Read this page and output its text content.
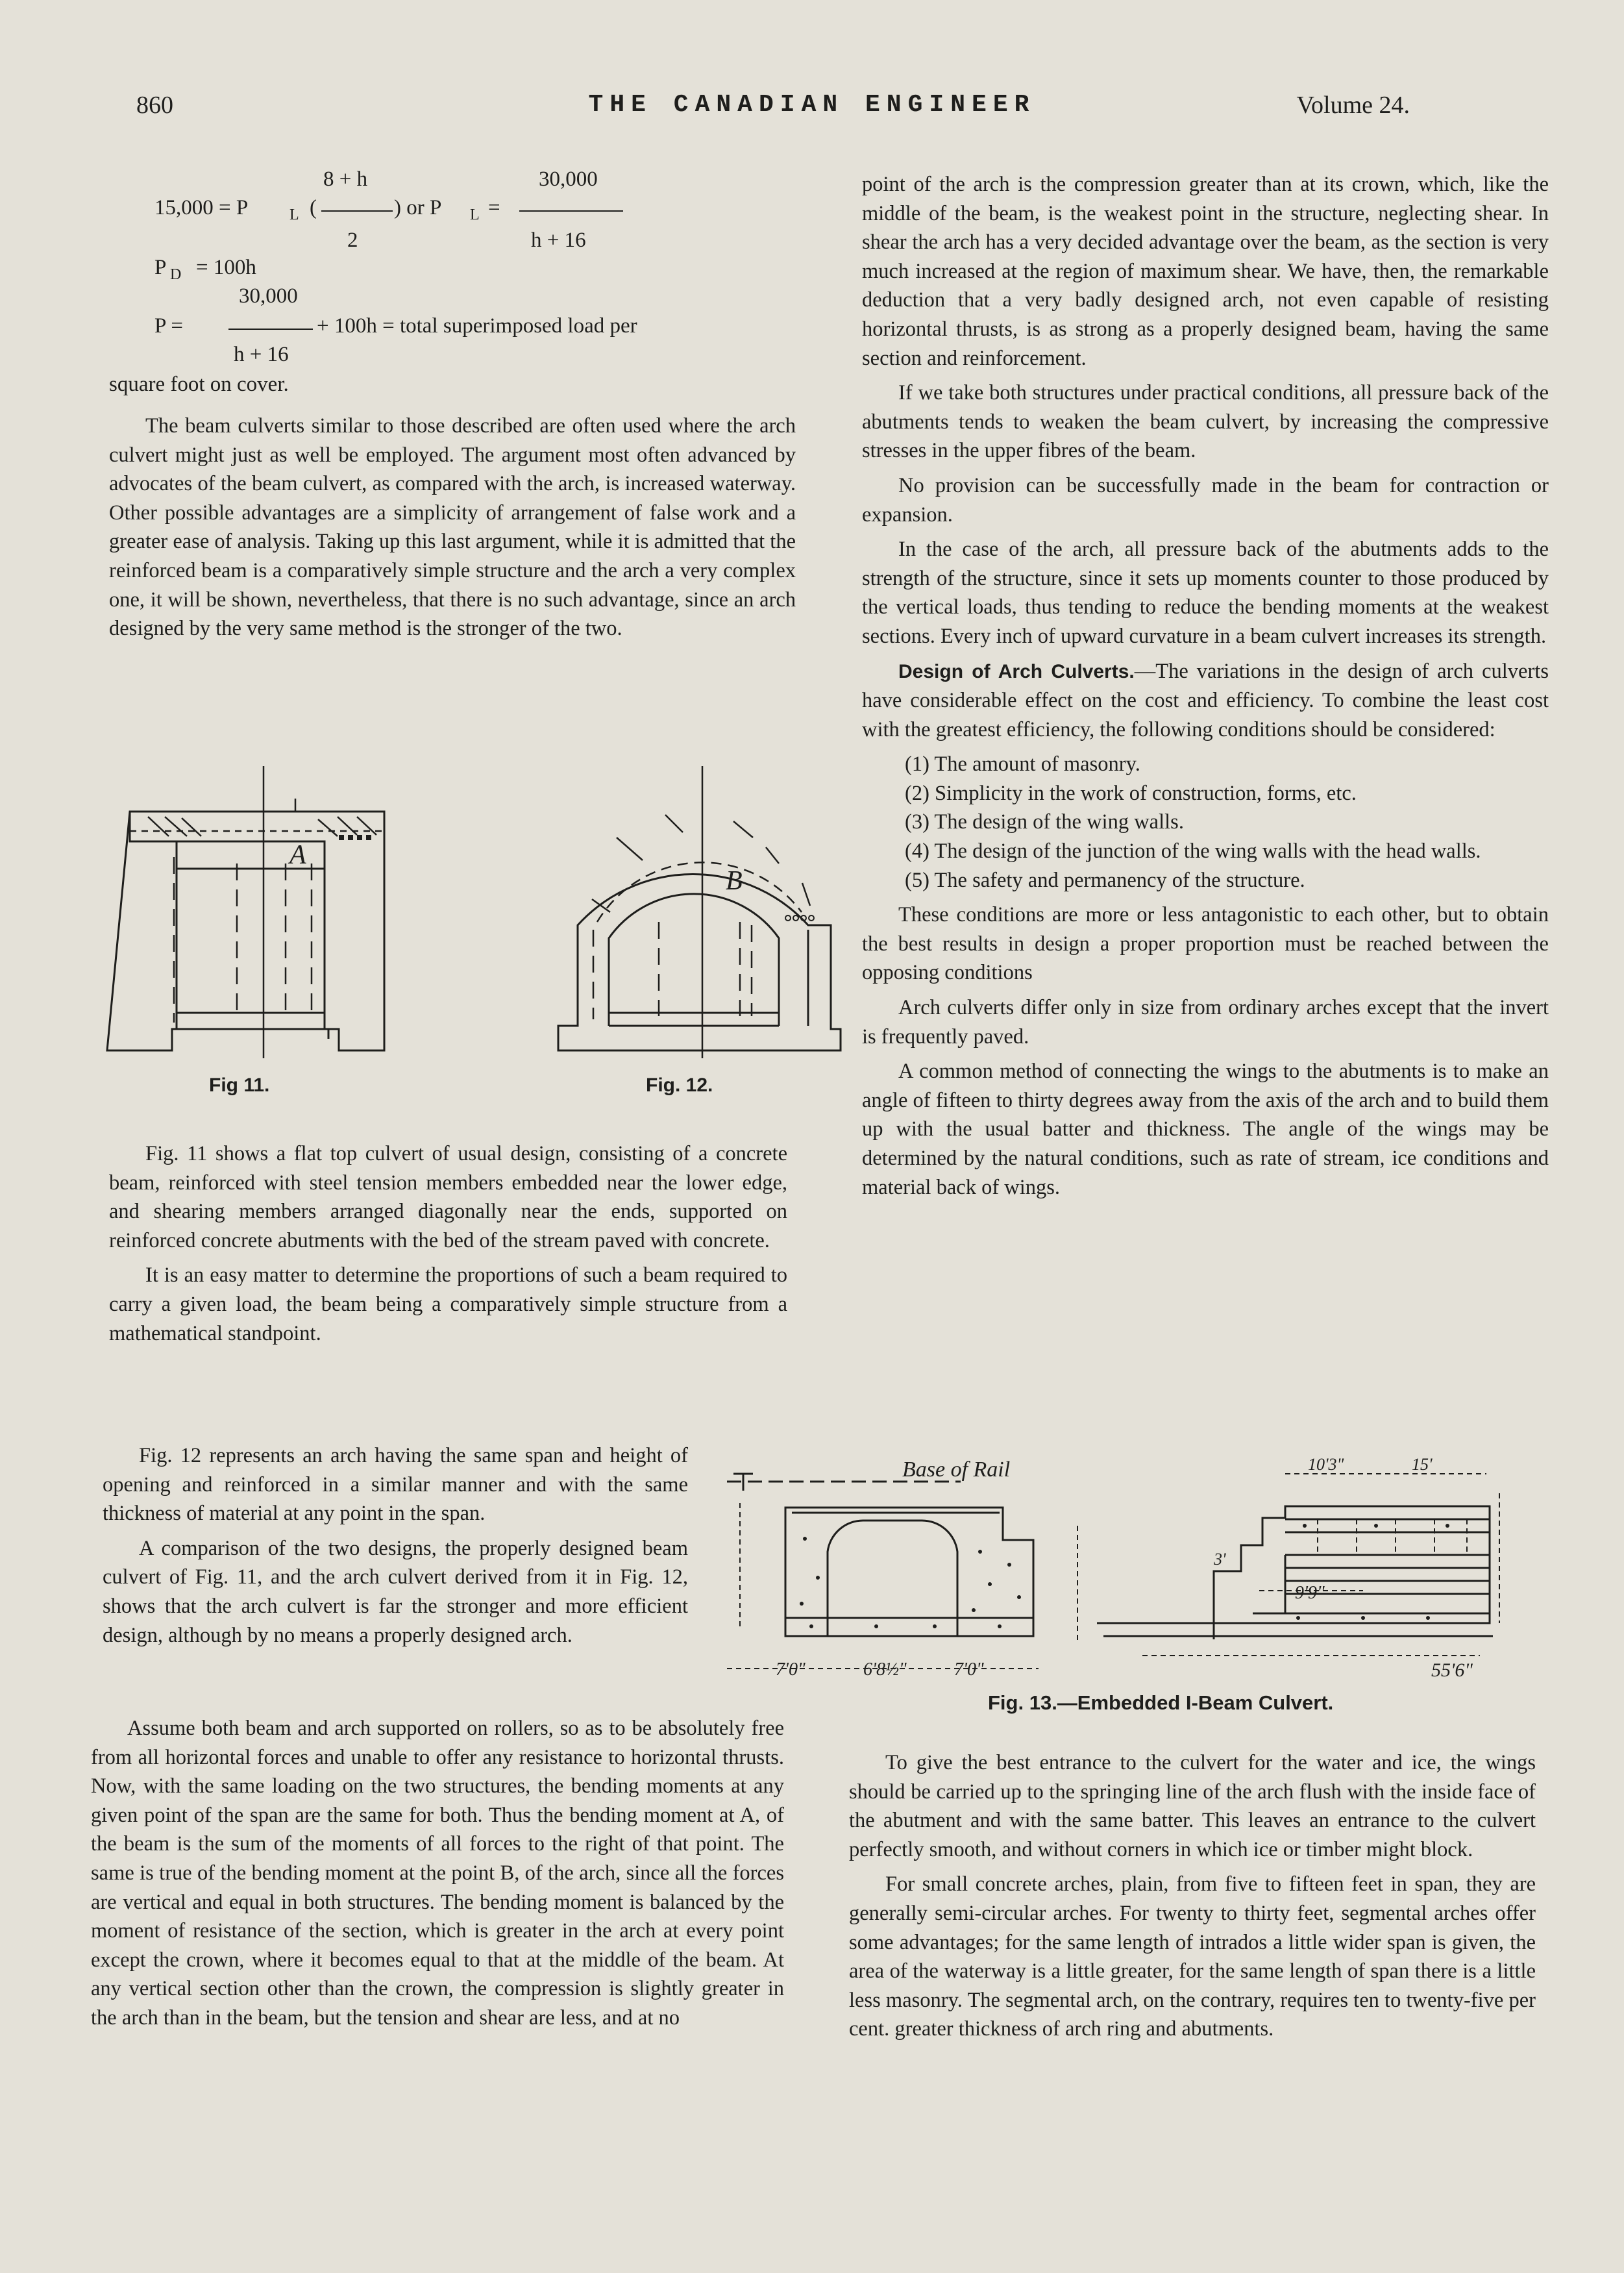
860	THE CANADIAN ENGINEER	Volume 24.
8 + h	30,000
15,000 = P	L (	) or P L =
2	h + 16
P D = 100h
30,000
P =	+ 100h = total superimposed load per
h + 16
square foot on cover.

The beam culverts similar to those described are often used where the arch culvert might just as well be employed. The argument most often advanced by advocates of the beam culvert, as compared with the arch, is increased waterway. Other possible advantages are a simplicity of arrangement of false work and a greater ease of analysis. Taking up this last argument, while it is admitted that the reinforced beam is a comparatively simple structure and the arch a very complex one, it will be shown, nevertheless, that there is no such advantage, since an arch designed by the very same method is the stronger of the two.

A
Fig 11.
B
Fig. 12.

Fig. 11 shows a flat top culvert of usual design, consisting of a concrete beam, reinforced with steel tension members embedded near the lower edge, and shearing members arranged diagonally near the ends, supported on reinforced concrete abutments with the bed of the stream paved with concrete.

It is an easy matter to determine the proportions of such a beam required to carry a given load, the beam being a comparatively simple structure from a mathematical standpoint.

Fig. 12 represents an arch having the same span and height of opening and reinforced in a similar manner and with the same thickness of material at any point in the span.

A comparison of the two designs, the properly designed beam culvert of Fig. 11, and the arch culvert derived from it in Fig. 12, shows that the arch culvert is far the stronger and more efficient design, although by no means a properly designed arch.

Assume both beam and arch supported on rollers, so as to be absolutely free from all horizontal forces and unable to offer any resistance to horizontal thrusts. Now, with the same loading on the two structures, the bending moments at any given point of the span are the same for both. Thus the bending moment at A, of the beam is the sum of the moments of all forces to the right of that point. The same is true of the bending moment at the point B, of the arch, since all the forces are vertical and equal in both structures. The bending moment is balanced by the moment of resistance of the section, which is greater in the arch at every point except the crown, where it becomes equal to that at the middle of the beam. At any vertical section other than the crown, the compression is slightly greater in the arch than in the beam, but the tension and shear are less, and at no

point of the arch is the compression greater than at its crown, which, like the middle of the beam, is the weakest point in the structure, neglecting shear. In shear the arch has a very decided advantage over the beam, as the section is very much increased at the region of maximum shear. We have, then, the remarkable deduction that a very badly designed arch, not even capable of resisting horizontal thrusts, is as strong as a properly designed beam, having the same section and reinforcement.

If we take both structures under practical conditions, all pressure back of the abutments tends to weaken the beam culvert, by increasing the compressive stresses in the upper fibres of the beam.

No provision can be successfully made in the beam for contraction or expansion.

In the case of the arch, all pressure back of the abutments adds to the strength of the structure, since it sets up moments counter to those produced by the vertical loads, thus tending to reduce the bending moments at the weakest sections. Every inch of upward curvature in a beam culvert increases its strength.

Design of Arch Culverts.—The variations in the design of arch culverts have considerable effect on the cost and efficiency. To combine the least cost with the greatest efficiency, the following conditions should be considered:

(1) The amount of masonry.

(2) Simplicity in the work of construction, forms, etc.

(3) The design of the wing walls.

(4) The design of the junction of the wing walls with the head walls.

(5) The safety and permanency of the structure.

These conditions are more or less antagonistic to each other, but to obtain the best results in design a proper proportion must be reached between the opposing conditions

Arch culverts differ only in size from ordinary arches except that the invert is frequently paved.

A common method of connecting the wings to the abutments is to make an angle of fifteen to thirty degrees away from the axis of the arch and to build them up with the usual batter and thickness. The angle of the wings may be determined by the natural conditions, such as rate of stream, ice conditions and material back of wings.

Base of Rail	10'3"	15'
9'9"
3'
7'0"	6'8½"	7'0"	55'6"
Fig. 13.—Embedded I-Beam Culvert.

To give the best entrance to the culvert for the water and ice, the wings should be carried up to the springing line of the arch flush with the inside face of the abutment and with the same batter. This leaves an entrance to the culvert perfectly smooth, and without corners in which ice or timber might block.

For small concrete arches, plain, from five to fifteen feet in span, they are generally semi-circular arches. For twenty to thirty feet, segmental arches offer some advantages; for the same length of intrados a little wider span is given, the area of the waterway is a little greater, for the same length of span there is a little less masonry. The segmental arch, on the contrary, requires ten to twenty-five per cent. greater thickness of arch ring and abutments.
